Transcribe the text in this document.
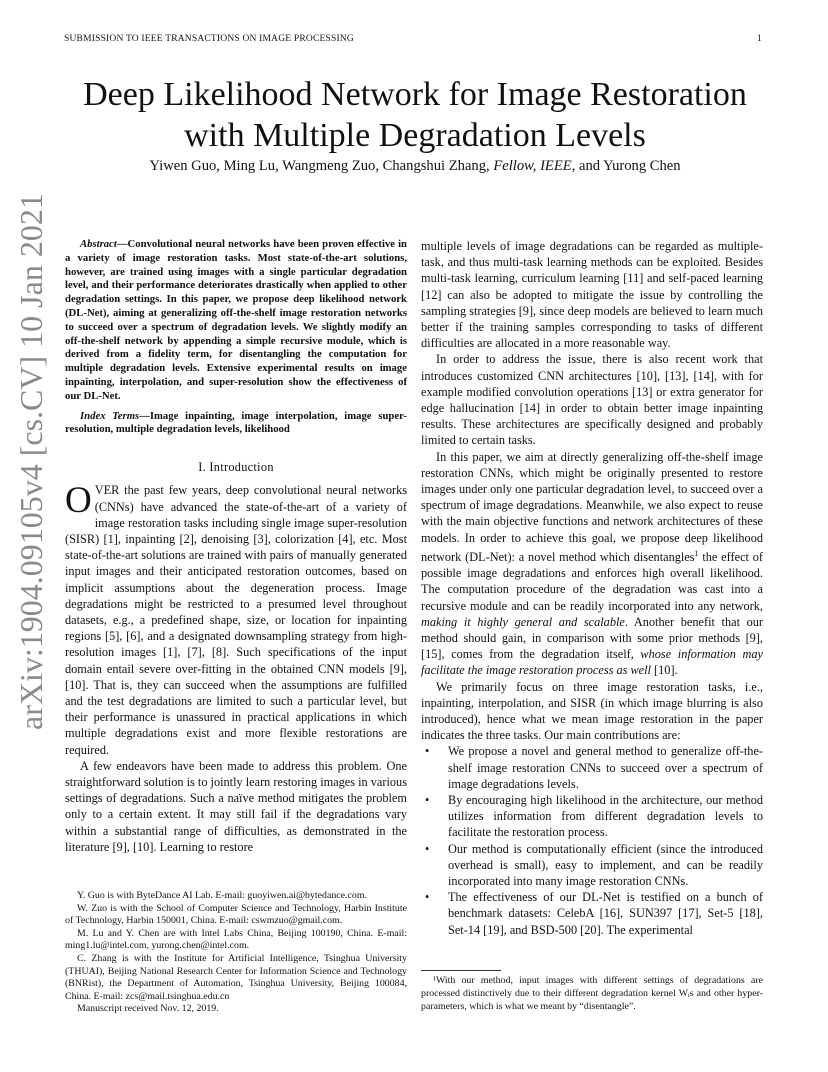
SUBMISSION TO IEEE TRANSACTIONS ON IMAGE PROCESSING	1
arXiv:1904.09105v4 [cs.CV] 10 Jan 2021
Deep Likelihood Network for Image Restoration with Multiple Degradation Levels
Yiwen Guo, Ming Lu, Wangmeng Zuo, Changshui Zhang, Fellow, IEEE, and Yurong Chen

Abstract—Convolutional neural networks have been proven effective in a variety of image restoration tasks. Most state-of-the-art solutions, however, are trained using images with a single particular degradation level, and their performance deteriorates drastically when applied to other degradation settings. In this paper, we propose deep likelihood network (DL-Net), aiming at generalizing off-the-shelf image restoration networks to succeed over a spectrum of degradation levels. We slightly modify an off-the-shelf network by appending a simple recursive module, which is derived from a fidelity term, for disentangling the computation for multiple degradation levels. Extensive experimental results on image inpainting, interpolation, and super-resolution show the effectiveness of our DL-Net.

Index Terms—Image inpainting, image interpolation, image super-resolution, multiple degradation levels, likelihood

I. Introduction

OVER the past few years, deep convolutional neural networks (CNNs) have advanced the state-of-the-art of a variety of image restoration tasks including single image super-resolution (SISR) [1], inpainting [2], denoising [3], colorization [4], etc. Most state-of-the-art solutions are trained with pairs of manually generated input images and their anticipated restoration outcomes, based on implicit assumptions about the degeneration process. Image degradations might be restricted to a presumed level throughout datasets, e.g., a predefined shape, size, or location for inpainting regions [5], [6], and a designated downsampling strategy from high-resolution images [1], [7], [8]. Such specifications of the input domain entail severe over-fitting in the obtained CNN models [9], [10]. That is, they can succeed when the assumptions are fulfilled and the test degradations are limited to such a particular level, but their performance is unassured in practical applications in which multiple degradations exist and more flexible restorations are required.

A few endeavors have been made to address this problem. One straightforward solution is to jointly learn restoring images in various settings of degradations. Such a naïve method mitigates the problem only to a certain extent. It may still fail if the degradations vary within a substantial range of difficulties, as demonstrated in the literature [9], [10]. Learning to restore

Y. Guo is with ByteDance AI Lab. E-mail: guoyiwen.ai@bytedance.com.

W. Zuo is with the School of Computer Science and Technology, Harbin Institute of Technology, Harbin 150001, China. E-mail: cswmzuo@gmail.com.

M. Lu and Y. Chen are with Intel Labs China, Beijing 100190, China. E-mail: ming1.lu@intel.com, yurong.chen@intel.com.

C. Zhang is with the Institute for Artificial Intelligence, Tsinghua University (THUAI), Beijing National Research Center for Information Science and Technology (BNRist), the Department of Automation, Tsinghua University, Beijing 100084, China. E-mail: zcs@mail.tsinghua.edu.cn

Manuscript received Nov. 12, 2019.

multiple levels of image degradations can be regarded as multiple-task, and thus multi-task learning methods can be exploited. Besides multi-task learning, curriculum learning [11] and self-paced learning [12] can also be adopted to mitigate the issue by controlling the sampling strategies [9], since deep models are believed to learn much better if the training samples corresponding to tasks of different difficulties are allocated in a more reasonable way.

In order to address the issue, there is also recent work that introduces customized CNN architectures [10], [13], [14], with for example modified convolution operations [13] or extra generator for edge hallucination [14] in order to obtain better image inpainting results. These architectures are specifically designed and probably limited to certain tasks.

In this paper, we aim at directly generalizing off-the-shelf image restoration CNNs, which might be originally presented to restore images under only one particular degradation level, to succeed over a spectrum of image degradations. Meanwhile, we also expect to reuse with the main objective functions and network architectures of these models. In order to achieve this goal, we propose deep likelihood network (DL-Net): a novel method which disentangles$^1$ the effect of possible image degradations and enforces high overall likelihood. The computation procedure of the degradation was cast into a recursive module and can be readily incorporated into any network, making it highly general and scalable. Another benefit that our method should gain, in comparison with some prior methods [9], [15], comes from the degradation itself, whose information may facilitate the image restoration process as well [10].

We primarily focus on three image restoration tasks, i.e., inpainting, interpolation, and SISR (in which image blurring is also introduced), hence what we mean image restoration in the paper indicates the three tasks. Our main contributions are:

• We propose a novel and general method to generalize off-the-shelf image restoration CNNs to succeed over a spectrum of image degradations levels.
• By encouraging high likelihood in the architecture, our method utilizes information from different degradation levels to facilitate the restoration process.
• Our method is computationally efficient (since the introduced overhead is small), easy to implement, and can be readily incorporated into many image restoration CNNs.
• The effectiveness of our DL-Net is testified on a bunch of benchmark datasets: CelebA [16], SUN397 [17], Set-5 [18], Set-14 [19], and BSD-500 [20]. The experimental
¹With our method, input images with different settings of degradations are processed distinctively due to their different degradation kernel Wᵢs and other hyper-parameters, which is what we meant by “disentangle”.
